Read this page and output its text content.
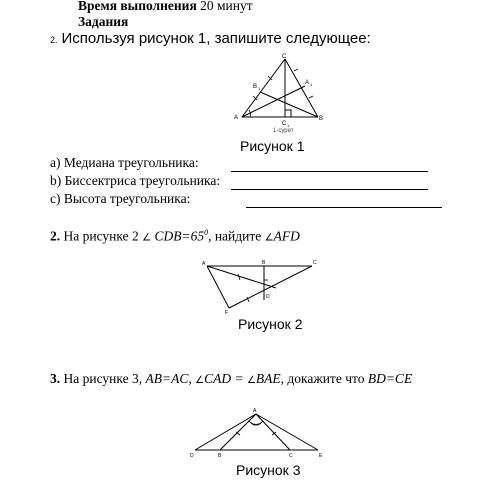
Время выполнения 20 минут
Задания
2. Используя рисунок 1, запишите следующее:
C
A	B
A 1
B 1
C 1
1-сурет
Рисунок 1
a) Медиана треугольника:
b) Биссектриса треугольника:
c) Высота треугольника:
2. На рисунке 2 ∠ $CDB=65^0$, найдите ∠AFD
A	B	C
D
F
Рисунок 2
3. На рисунке 3, AB=AC, ∠CAD = ∠BAE, докажите что BD=CE
A
D	B	C	E
Рисунок 3
